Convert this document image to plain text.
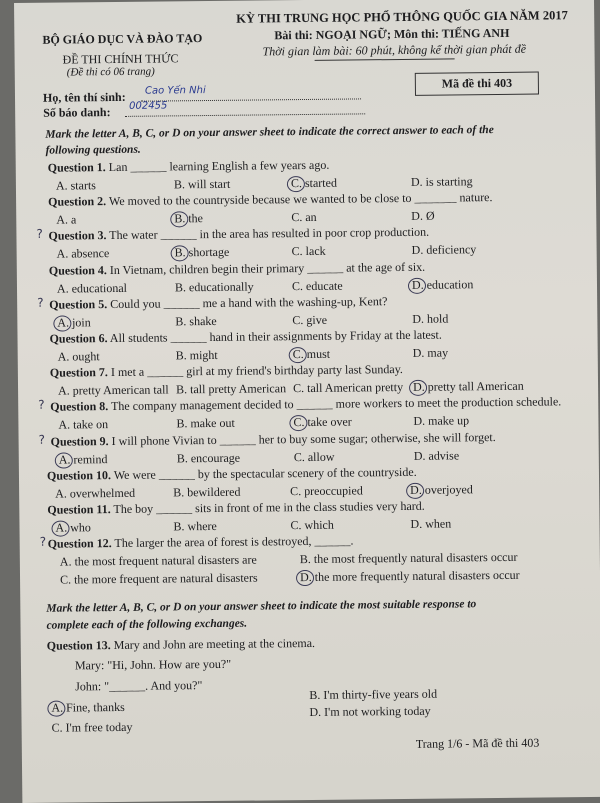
BỘ GIÁO DỤC VÀ ĐÀO TẠO
ĐỀ THI CHÍNH THỨC
(Đề thi có 06 trang)
KỲ THI TRUNG HỌC PHỔ THÔNG QUỐC GIA NĂM 2017
Bài thi: NGOẠI NGỮ; Môn thi: TIẾNG ANH
Thời gian làm bài: 60 phút, không kể thời gian phát đề
Mã đề thi 403
Họ, tên thí sinh: Cao Yến Nhi
Số báo danh: 002455
Mark the letter A, B, C, or D on your answer sheet to indicate the correct answer to each of the
following questions.
Question 1. Lan ______ learning English a few years ago.
A. starts	B. will start	C. started	D. is starting
Question 2. We moved to the countryside because we wanted to be close to _______ nature.
A. a	B. the	C. an	D. Ø
Question 3. The water ______ in the area has resulted in poor crop production.
?
A. absence	B. shortage	C. lack	D. deficiency
Question 4. In Vietnam, children begin their primary ______ at the age of six.
A. educational	B. educationally	C. educate	D. education
Question 5. Could you ______ me a hand with the washing-up, Kent?
?
A. join	B. shake	C. give	D. hold
Question 6. All students ______ hand in their assignments by Friday at the latest.
A. ought	B. might	C. must	D. may
Question 7. I met a ______ girl at my friend's birthday party last Sunday.
A. pretty American tall B. tall pretty American C. tall American pretty D. pretty tall American
Question 8. The company management decided to ______ more workers to meet the production schedule.
?
A. take on	B. make out	C. take over	D. make up
Question 9. I will phone Vivian to ______ her to buy some sugar; otherwise, she will forget.
?
A. remind	B. encourage	C. allow	D. advise
Question 10. We were ______ by the spectacular scenery of the countryside.
A. overwhelmed	B. bewildered	C. preoccupied	D. overjoyed
Question 11. The boy ______ sits in front of me in the class studies very hard.
A. who	B. where	C. which	D. when
Question 12. The larger the area of forest is destroyed, ______.
?
A. the most frequent natural disasters are	B. the most frequently natural disasters occur
C. the more frequent are natural disasters	D. the more frequently natural disasters occur
Mark the letter A, B, C, or D on your answer sheet to indicate the most suitable response to
complete each of the following exchanges.
Question 13. Mary and John are meeting at the cinema.
Mary: "Hi, John. How are you?"
John: "______. And you?"
A. Fine, thanks
B. I'm thirty-five years old
C. I'm free today
D. I'm not working today
Trang 1/6 - Mã đề thi 403
